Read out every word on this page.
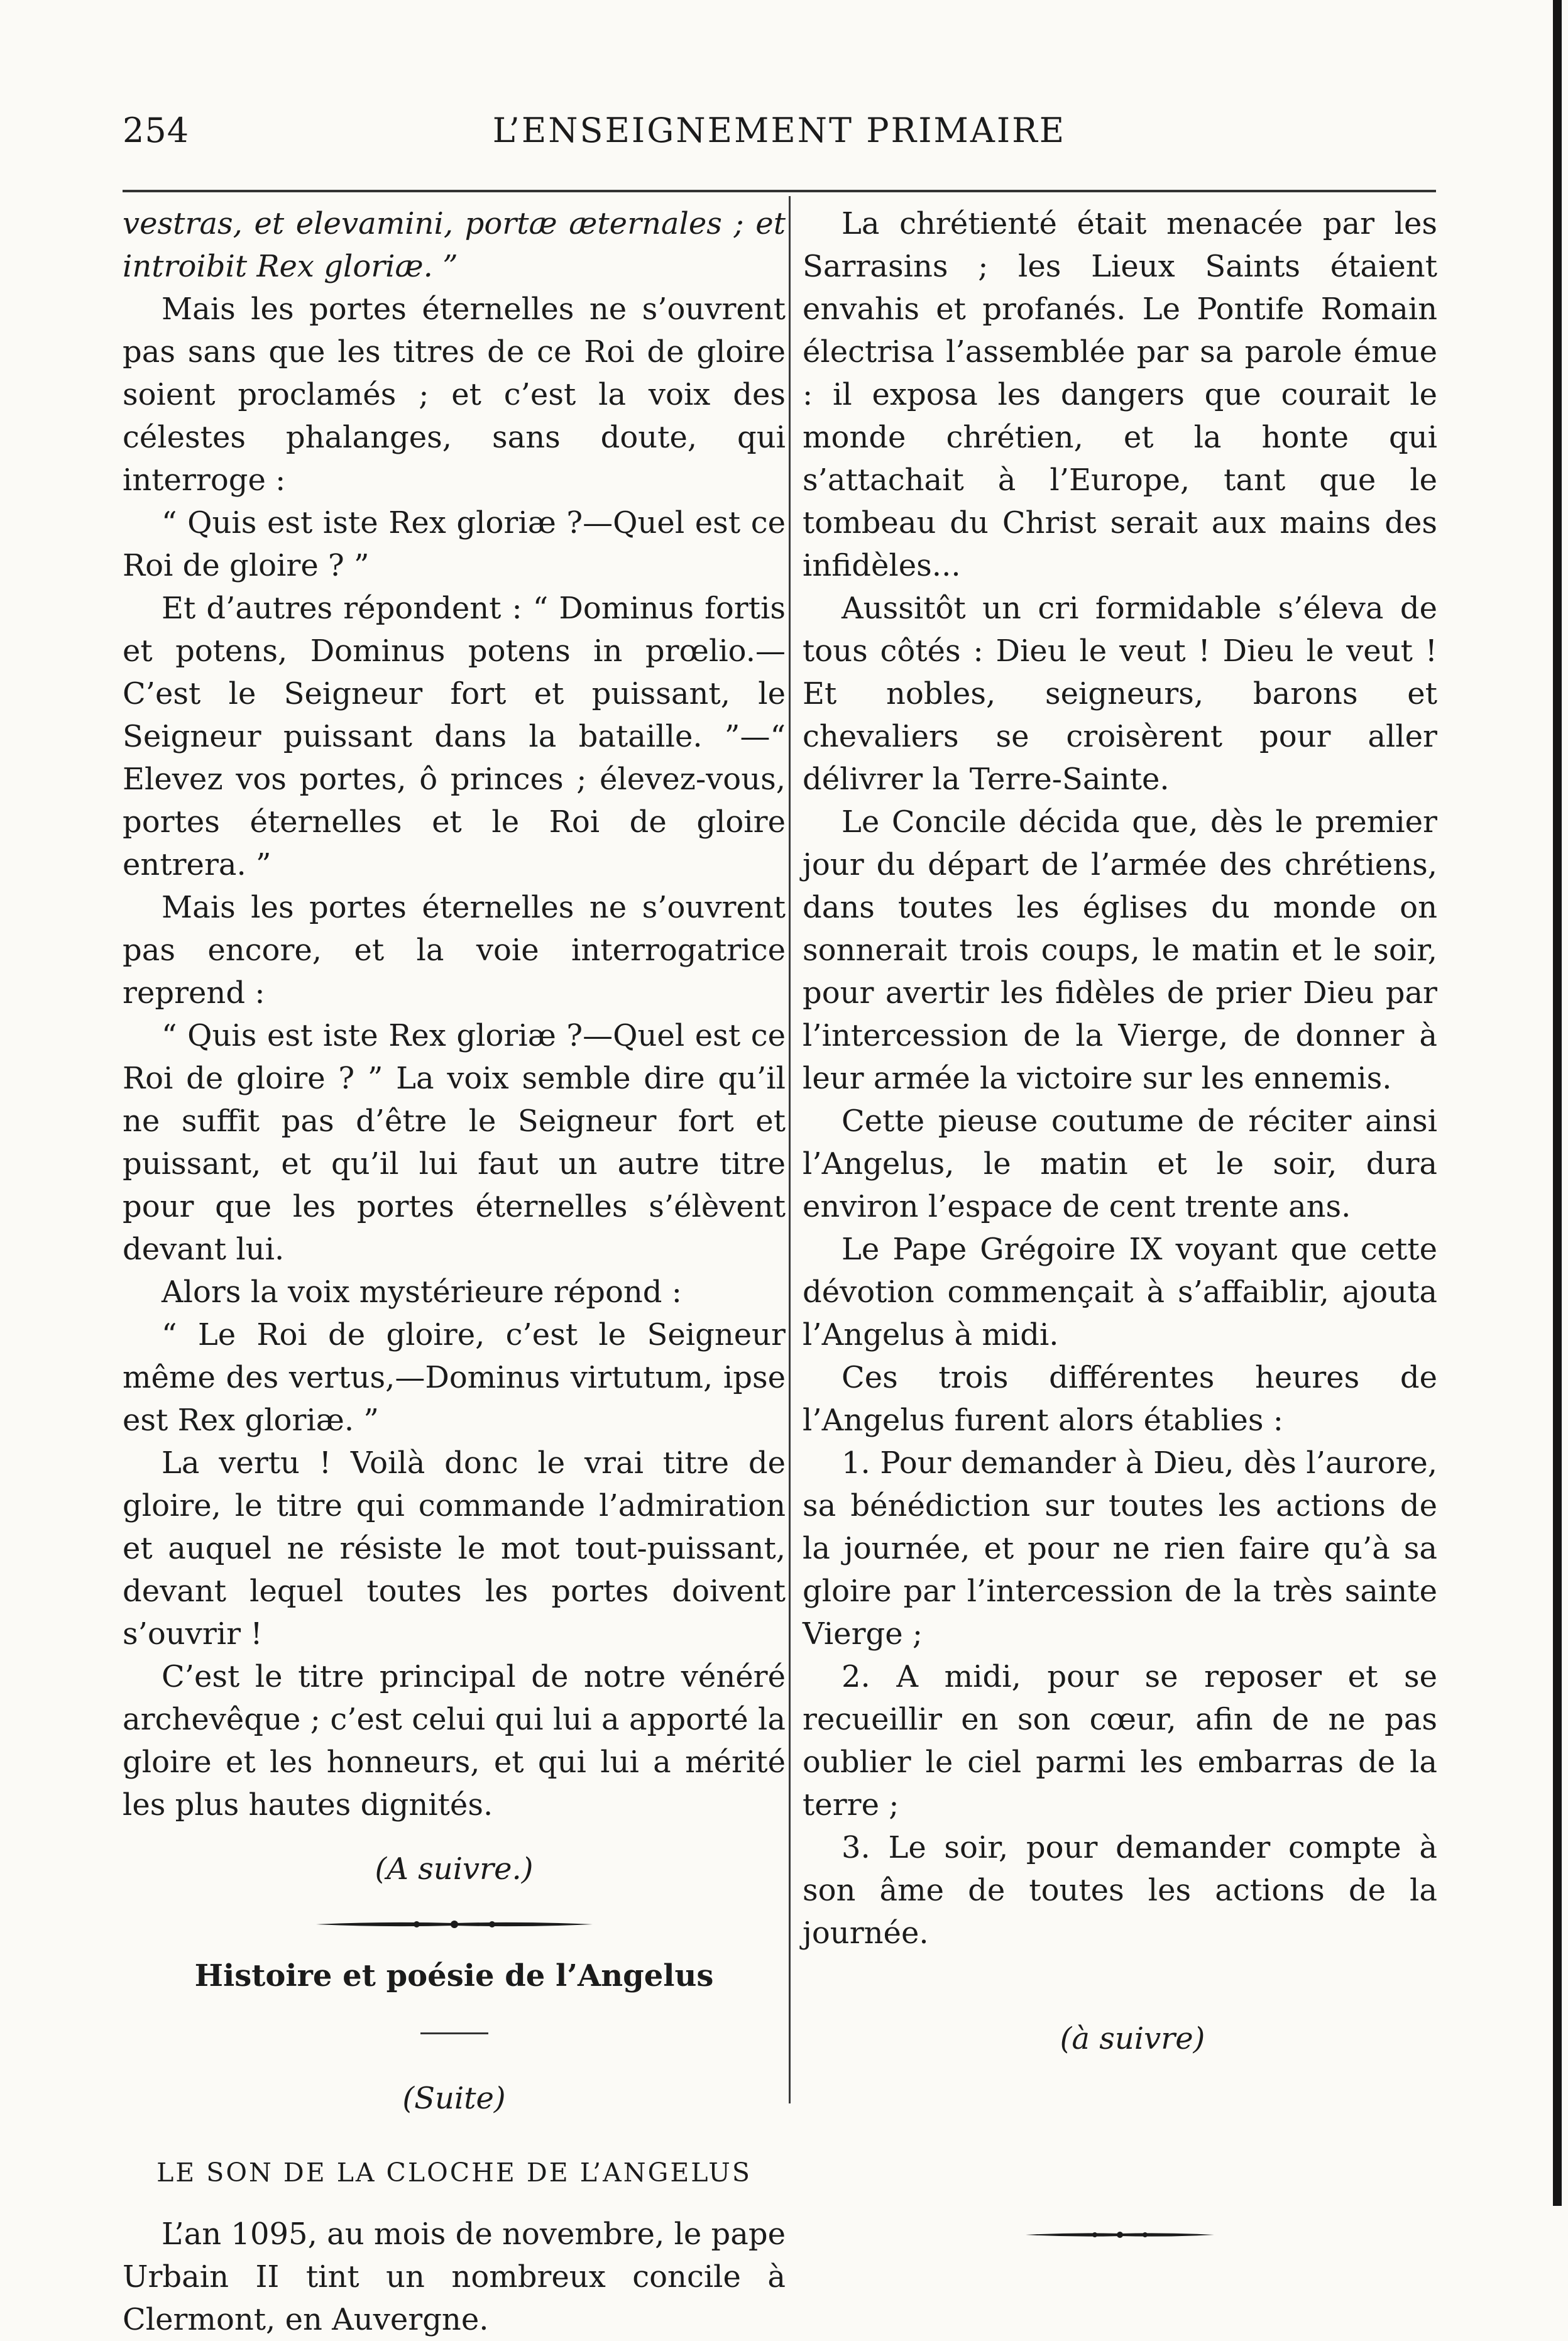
254	L’ENSEIGNEMENT PRIMAIRE

vestras, et elevamini, portæ æternales ; et introibit Rex gloriæ. ”

Mais les portes éternelles ne s’ouvrent pas sans que les titres de ce Roi de gloire soient proclamés ; et c’est la voix des célestes phalanges, sans doute, qui interroge :

“ Quis est iste Rex gloriæ ?—Quel est ce Roi de gloire ? ”

Et d’autres répondent : “ Dominus fortis et potens, Dominus potens in prœlio.—C’est le Seigneur fort et puissant, le Seigneur puissant dans la bataille. ”—“ Elevez vos portes, ô princes ; élevez-vous, portes éternelles et le Roi de gloire entrera. ”

Mais les portes éternelles ne s’ouvrent pas encore, et la voie interrogatrice reprend :

“ Quis est iste Rex gloriæ ?—Quel est ce Roi de gloire ? ” La voix semble dire qu’il ne suffit pas d’être le Seigneur fort et puissant, et qu’il lui faut un autre titre pour que les portes éternelles s’élèvent devant lui.

Alors la voix mystérieure répond :

“ Le Roi de gloire, c’est le Seigneur même des vertus,—Dominus virtutum, ipse est Rex gloriæ. ”

La vertu ! Voilà donc le vrai titre de gloire, le titre qui commande l’admiration et auquel ne résiste le mot tout-puissant, devant lequel toutes les portes doivent s’ouvrir !

C’est le titre principal de notre vénéré archevêque ; c’est celui qui lui a apporté la gloire et les honneurs, et qui lui a mérité les plus hautes dignités.

(A suivre.)
Histoire et poésie de l’Angelus
(Suite)
LE SON DE LA CLOCHE DE L’ANGELUS

L’an 1095, au mois de novembre, le pape Urbain II tint un nombreux concile à Clermont, en Auvergne.

La chrétienté était menacée par les Sarrasins ; les Lieux Saints étaient envahis et profanés. Le Pontife Romain électrisa l’assemblée par sa parole émue : il exposa les dangers que courait le monde chrétien, et la honte qui s’attachait à l’Europe, tant que le tombeau du Christ serait aux mains des infidèles...

Aussitôt un cri formidable s’éleva de tous côtés : Dieu le veut ! Dieu le veut ! Et nobles, seigneurs, barons et chevaliers se croisèrent pour aller délivrer la Terre-Sainte.

Le Concile décida que, dès le premier jour du départ de l’armée des chrétiens, dans toutes les églises du monde on sonnerait trois coups, le matin et le soir, pour avertir les fidèles de prier Dieu par l’intercession de la Vierge, de donner à leur armée la victoire sur les ennemis.

Cette pieuse coutume de réciter ainsi l’Angelus, le matin et le soir, dura environ l’espace de cent trente ans.

Le Pape Grégoire IX voyant que cette dévotion commençait à s’affaiblir, ajouta l’Angelus à midi.

Ces trois différentes heures de l’Angelus furent alors établies :

1. Pour demander à Dieu, dès l’aurore, sa bénédiction sur toutes les actions de la journée, et pour ne rien faire qu’à sa gloire par l’intercession de la très sainte Vierge ;

2. A midi, pour se reposer et se recueillir en son cœur, afin de ne pas oublier le ciel parmi les embarras de la terre ;

3. Le soir, pour demander compte à son âme de toutes les actions de la journée.

(à suivre)
